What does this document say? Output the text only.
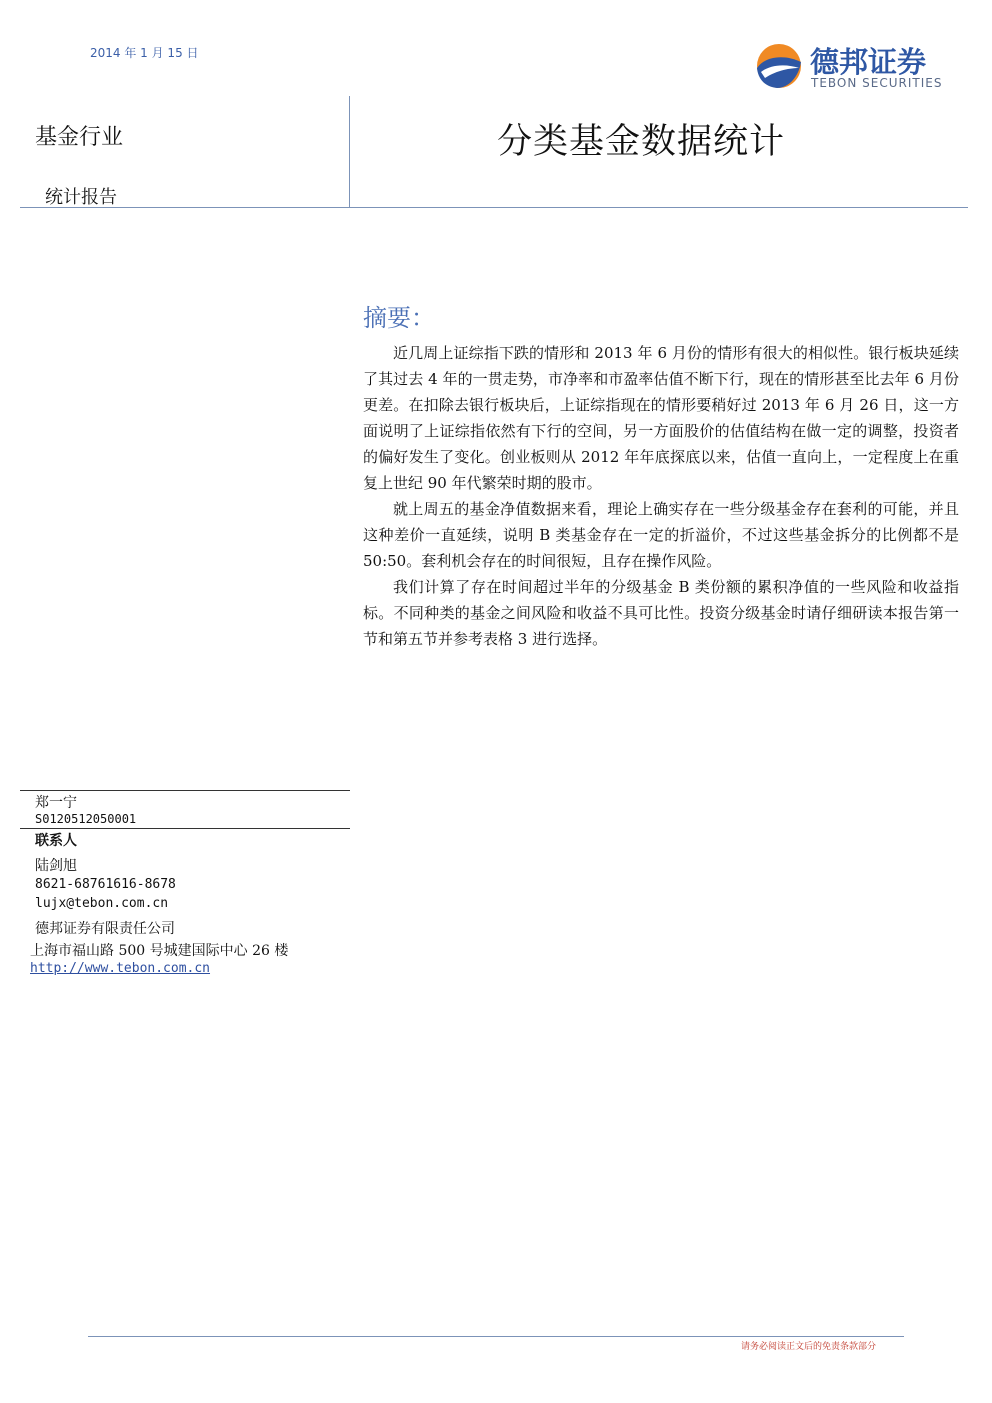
2014 年 1 月 15 日	德邦证券
TEBON SECURITIES
基金行业
统计报告
分类基金数据统计
摘要：

近几周上证综指下跌的情形和 2013 年 6 月份的情形有很大的相似性。银行板块延续了其过去 4 年的一贯走势，市净率和市盈率估值不断下行，现在的情形甚至比去年 6 月份更差。在扣除去银行板块后，上证综指现在的情形要稍好过 2013 年 6 月 26 日，这一方面说明了上证综指依然有下行的空间，另一方面股价的估值结构在做一定的调整，投资者的偏好发生了变化。创业板则从 2012 年年底探底以来，估值一直向上，一定程度上在重复上世纪 90 年代繁荣时期的股市。

就上周五的基金净值数据来看，理论上确实存在一些分级基金存在套利的可能，并且这种差价一直延续，说明 B 类基金存在一定的折溢价，不过这些基金拆分的比例都不是 50:50。套利机会存在的时间很短，且存在操作风险。

我们计算了存在时间超过半年的分级基金 B 类份额的累积净值的一些风险和收益指标。不同种类的基金之间风险和收益不具可比性。投资分级基金时请仔细研读本报告第一节和第五节并参考表格 3 进行选择。

郑一宁
S0120512050001
联系人
陆剑旭
8621-68761616-8678
lujx@tebon.com.cn
德邦证券有限责任公司
上海市福山路 500 号城建国际中心 26 楼
http://www.tebon.com.cn
请务必阅读正文后的免责条款部分
